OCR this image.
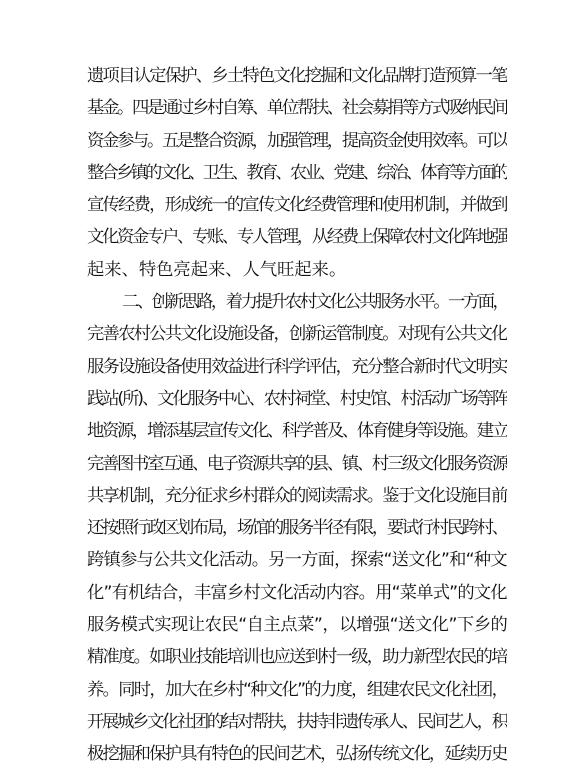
遗项目认定保护、乡土特色文化挖掘和文化品牌打造预算一笔
基金。四是通过乡村自筹、单位帮扶、社会募捐等方式吸纳民间
资金参与。五是整合资源，加强管理，提高资金使用效率。可以
整合乡镇的文化、卫生、教育、农业、党建、综治、体育等方面的
宣传经费，形成统一的宣传文化经费管理和使用机制，并做到
文化资金专户、专账、专人管理，从经费上保障农村文化阵地强
起来、特色亮起来、人气旺起来。
二、创新思路，着力提升农村文化公共服务水平。一方面，
完善农村公共文化设施设备，创新运管制度。对现有公共文化
服务设施设备使用效益进行科学评估，充分整合新时代文明实
践站(所)、文化服务中心、农村祠堂、村史馆、村活动广场等阵
地资源，增添基层宣传文化、科学普及、体育健身等设施。建立
完善图书室互通、电子资源共享的县、镇、村三级文化服务资源
共享机制，充分征求乡村群众的阅读需求。鉴于文化设施目前
还按照行政区划布局，场馆的服务半径有限，要试行村民跨村、
跨镇参与公共文化活动。另一方面，探索“送文化”和“种文
化”有机结合，丰富乡村文化活动内容。用“菜单式”的文化
服务模式实现让农民“自主点菜”，以增强“送文化”下乡的
精准度。如职业技能培训也应送到村一级，助力新型农民的培
养。同时，加大在乡村“种文化”的力度，组建农民文化社团，
开展城乡文化社团的结对帮扶，扶持非遗传承人、民间艺人，积
极挖掘和保护具有特色的民间艺术，弘扬传统文化，延续历史
